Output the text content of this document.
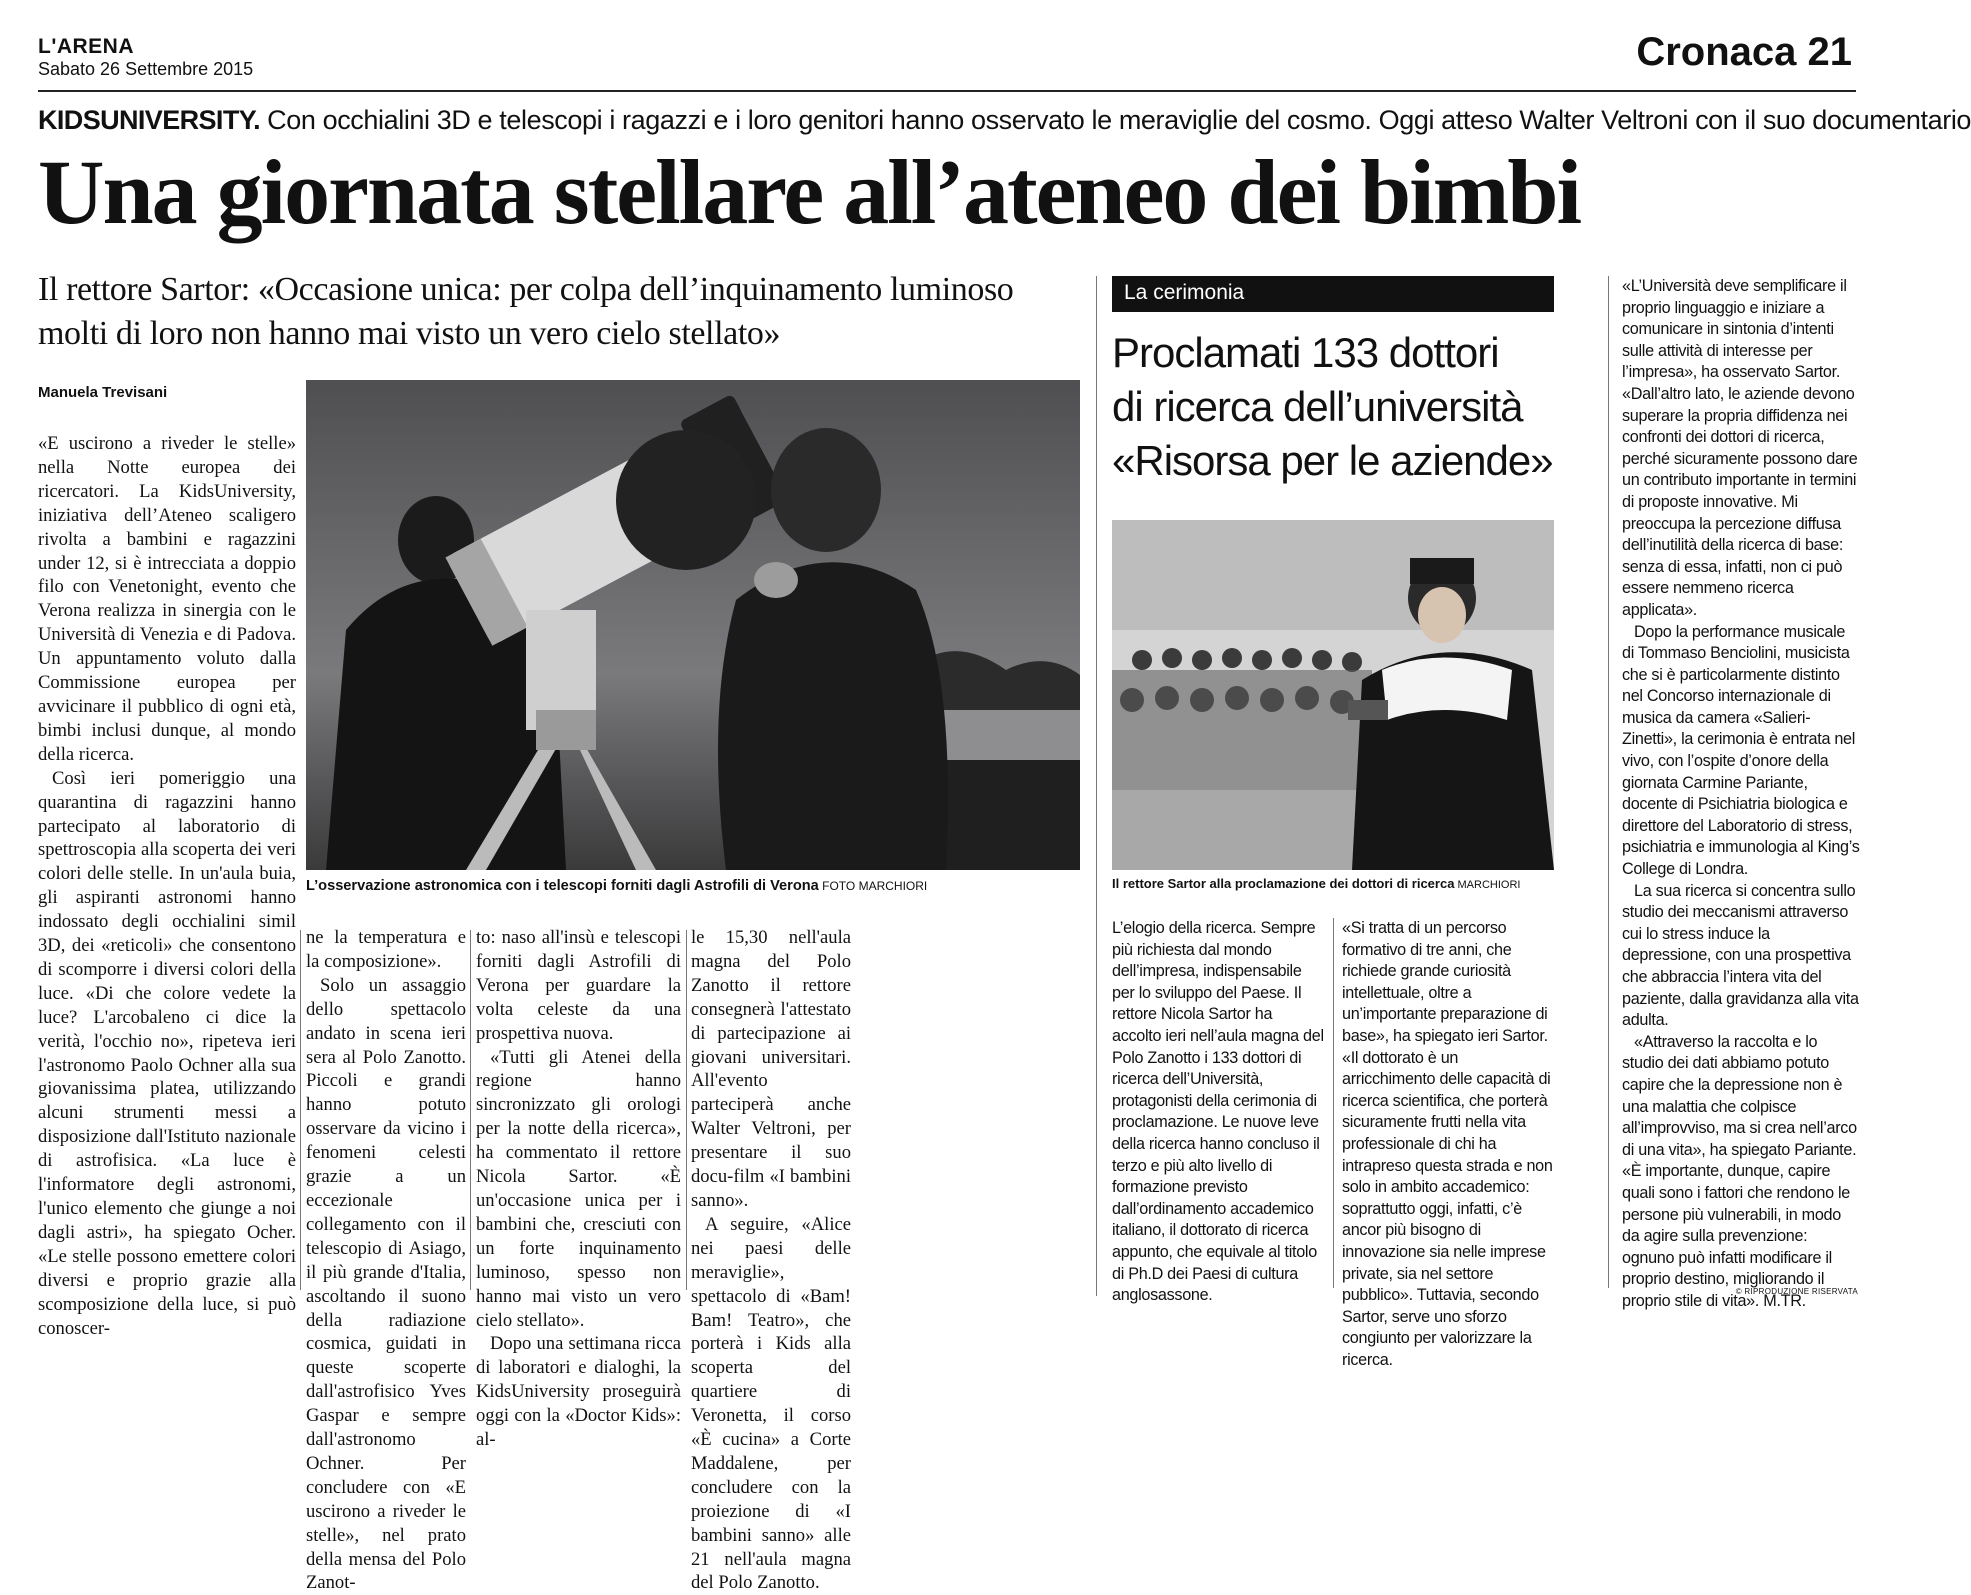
L'ARENA
Sabato 26 Settembre 2015	Cronaca 21
KIDSUNIVERSITY. Con occhialini 3D e telescopi i ragazzi e i loro genitori hanno osservato le meraviglie del cosmo. Oggi atteso Walter Veltroni con il suo documentario
Una giornata stellare all’ateneo dei bimbi
Il rettore Sartor: «Occasione unica: per colpa dell’inquinamento luminoso molti di loro non hanno mai visto un vero cielo stellato»
Manuela Trevisani

«E uscirono a riveder le stelle» nella Notte europea dei ricercatori. La KidsUniversity, iniziativa dell’Ateneo scaligero rivolta a bambini e ragazzini under 12, si è intrecciata a doppio filo con Venetonight, evento che Verona realizza in sinergia con le Università di Venezia e di Padova. Un appuntamento voluto dalla Commissione europea per avvicinare il pubblico di ogni età, bimbi inclusi dunque, al mondo della ricerca.

Così ieri pomeriggio una quarantina di ragazzini hanno partecipato al laboratorio di spettroscopia alla scoperta dei veri colori delle stelle. In un'aula buia, gli aspiranti astronomi hanno indossato degli occhialini simil 3D, dei «reticoli» che consentono di scomporre i diversi colori della luce. «Di che colore vedete la luce? L'arcobaleno ci dice la verità, l'occhio no», ripeteva ieri l'astronomo Paolo Ochner alla sua giovanissima platea, utilizzando alcuni strumenti messi a disposizione dall'Istituto nazionale di astrofisica. «La luce è l'informatore degli astronomi, l'unico elemento che giunge a noi dagli astri», ha spiegato Ocher. «Le stelle possono emettere colori diversi e proprio grazie alla scomposizione della luce, si può conoscer-

L’osservazione astronomica con i telescopi forniti dagli Astrofili di Verona FOTO MARCHIORI

ne la temperatura e la composizione».

Solo un assaggio dello spettacolo andato in scena ieri sera al Polo Zanotto. Piccoli e grandi hanno potuto osservare da vicino i fenomeni celesti grazie a un eccezionale collegamento con il telescopio di Asiago, il più grande d'Italia, ascoltando il suono della radiazione cosmica, guidati in queste scoperte dall'astrofisico Yves Gaspar e sempre dall'astronomo Ochner. Per concludere con «E uscirono a riveder le stelle», nel prato della mensa del Polo Zanot-

to: naso all'insù e telescopi forniti dagli Astrofili di Verona per guardare la volta celeste da una prospettiva nuova.

«Tutti gli Atenei della regione hanno sincronizzato gli orologi per la notte della ricerca», ha commentato il rettore Nicola Sartor. «È un'occasione unica per i bambini che, cresciuti con un forte inquinamento luminoso, spesso non hanno mai visto un vero cielo stellato».

Dopo una settimana ricca di laboratori e dialoghi, la KidsUniversity proseguirà oggi con la «Doctor Kids»: al-

le 15,30 nell'aula magna del Polo Zanotto il rettore consegnerà l'attestato di partecipazione ai giovani universitari. All'evento parteciperà anche Walter Veltroni, per presentare il suo docu-film «I bambini sanno».

A seguire, «Alice nei paesi delle meraviglie», spettacolo di «Bam! Bam! Teatro», che porterà i Kids alla scoperta del quartiere di Veronetta, il corso «È cucina» a Corte Maddalene, per concludere con la proiezione di «I bambini sanno» alle 21 nell'aula magna del Polo Zanotto.

La cerimonia
Proclamati 133 dottori
di ricerca dell’università
«Risorsa per le aziende»
Il rettore Sartor alla proclamazione dei dottori di ricerca MARCHIORI

L’elogio della ricerca. Sempre più richiesta dal mondo dell’impresa, indispensabile per lo sviluppo del Paese. Il rettore Nicola Sartor ha accolto ieri nell’aula magna del Polo Zanotto i 133 dottori di ricerca dell’Università, protagonisti della cerimonia di proclamazione. Le nuove leve della ricerca hanno concluso il terzo e più alto livello di formazione previsto dall’ordinamento accademico italiano, il dottorato di ricerca appunto, che equivale al titolo di Ph.D dei Paesi di cultura anglosassone.

«Si tratta di un percorso formativo di tre anni, che richiede grande curiosità intellettuale, oltre a un’importante preparazione di base», ha spiegato ieri Sartor. «Il dottorato è un arricchimento delle capacità di ricerca scientifica, che porterà sicuramente frutti nella vita professionale di chi ha intrapreso questa strada e non solo in ambito accademico: soprattutto oggi, infatti, c’è ancor più bisogno di innovazione sia nelle imprese private, sia nel settore pubblico». Tuttavia, secondo Sartor, serve uno sforzo congiunto per valorizzare la ricerca.

«L’Università deve semplificare il proprio linguaggio e iniziare a comunicare in sintonia d’intenti sulle attività di interesse per l’impresa», ha osservato Sartor. «Dall’altro lato, le aziende devono superare la propria diffidenza nei confronti dei dottori di ricerca, perché sicuramente possono dare un contributo importante in termini di proposte innovative. Mi preoccupa la percezione diffusa dell’inutilità della ricerca di base: senza di essa, infatti, non ci può essere nemmeno ricerca applicata».

Dopo la performance musicale di Tommaso Benciolini, musicista che si è particolarmente distinto nel Concorso internazionale di musica da camera «Salieri-Zinetti», la cerimonia è entrata nel vivo, con l’ospite d’onore della giornata Carmine Pariante, docente di Psichiatria biologica e direttore del Laboratorio di stress, psichiatria e immunologia al King’s College di Londra.

La sua ricerca si concentra sullo studio dei meccanismi attraverso cui lo stress induce la depressione, con una prospettiva che abbraccia l’intera vita del paziente, dalla gravidanza alla vita adulta.

«Attraverso la raccolta e lo studio dei dati abbiamo potuto capire che la depressione non è una malattia che colpisce all’improvviso, ma si crea nell’arco di una vita», ha spiegato Pariante. «È importante, dunque, capire quali sono i fattori che rendono le persone più vulnerabili, in modo da agire sulla prevenzione: ognuno può infatti modificare il proprio destino, migliorando il proprio stile di vita». M.TR.

© RIPRODUZIONE RISERVATA
